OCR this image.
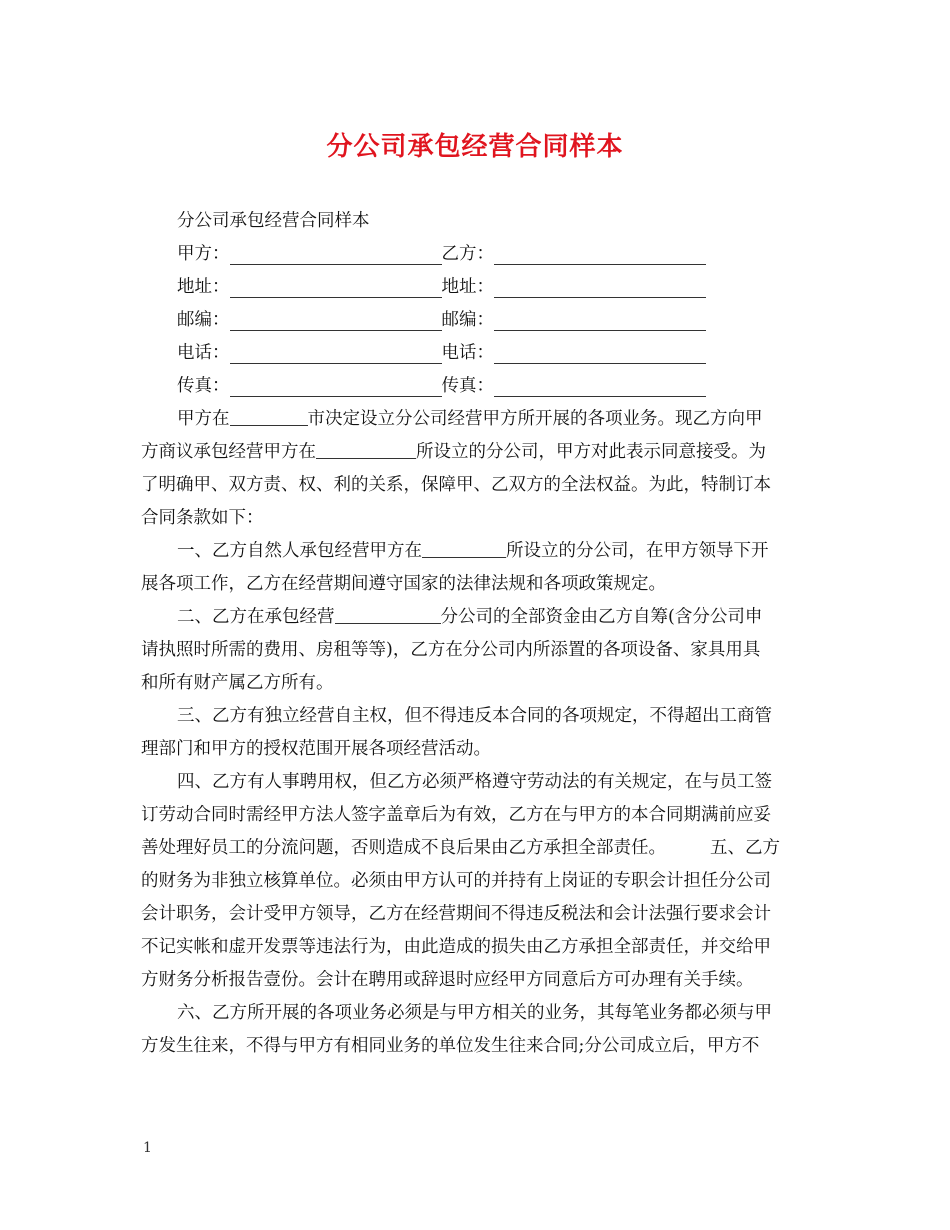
分公司承包经营合同样本
分公司承包经营合同样本
甲方：	乙方：
地址：	地址：
邮编：	邮编：
电话：	电话：
传真：	传真：
甲方在	市决定设立分公司经营甲方所开展的各项业务。现乙方向甲
方商议承包经营甲方在	所设立的分公司，甲方对此表示同意接受。为
了明确甲、双方责、权、利的关系，保障甲、乙双方的全法权益。为此，特制订本
合同条款如下：
一、乙方自然人承包经营甲方在	所设立的分公司，在甲方领导下开
展各项工作，乙方在经营期间遵守国家的法律法规和各项政策规定。
二、乙方在承包经营	分公司的全部资金由乙方自筹(含分公司申
请执照时所需的费用、房租等等)，乙方在分公司内所添置的各项设备、家具用具
和所有财产属乙方所有。
三、乙方有独立经营自主权，但不得违反本合同的各项规定，不得超出工商管
理部门和甲方的授权范围开展各项经营活动。
四、乙方有人事聘用权，但乙方必须严格遵守劳动法的有关规定，在与员工签
订劳动合同时需经甲方法人签字盖章后为有效，乙方在与甲方的本合同期满前应妥
善处理好员工的分流问题，否则造成不良后果由乙方承担全部责任。	五、乙方
的财务为非独立核算单位。必须由甲方认可的并持有上岗证的专职会计担任分公司
会计职务，会计受甲方领导，乙方在经营期间不得违反税法和会计法强行要求会计
不记实帐和虚开发票等违法行为，由此造成的损失由乙方承担全部责任，并交给甲
方财务分析报告壹份。会计在聘用或辞退时应经甲方同意后方可办理有关手续。
六、乙方所开展的各项业务必须是与甲方相关的业务，其每笔业务都必须与甲
方发生往来，不得与甲方有相同业务的单位发生往来合同;分公司成立后，甲方不
1
